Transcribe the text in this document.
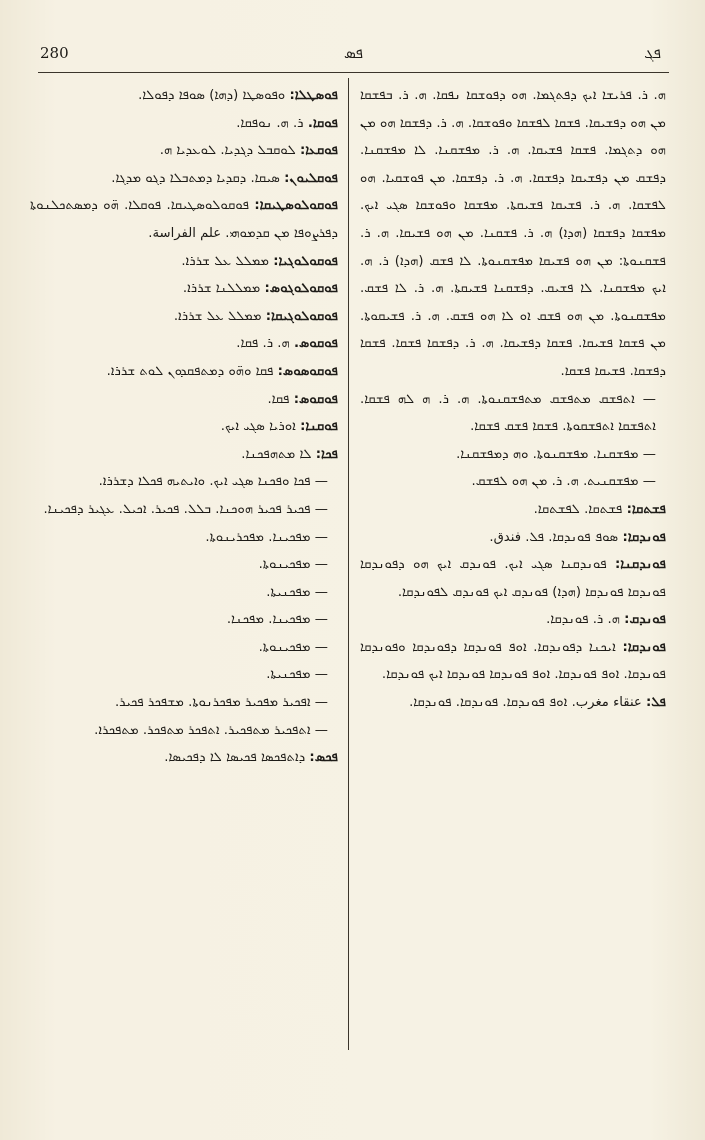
280	ܦܣ	ܦܓ

ܦܘܣܛܠܐ: ܘܦܘܣܛܐ (ܕܗܐ) ܣܘܦܐ ܕܦܘܠܐ.

ܦܘܩܐ. ܪ. ܗ. ܢܘܦܩܐ.

ܦܘܩܥܐ: ܠܘܩܒܠ ܕܓܕܝܐ. ܠܘܥܕܝܐ ܗ.

ܦܘܩܠܝܘܢ: ܣܝܩܐ. ܕܩܕܝܐ ܕܡܬܒܠܐ ܕܓܘ ܡܕܓܐ.

ܦܘܩܘܠܘܣܛܝܩܐ: ܦܘܩܘܠܘܣܛܝܩܐ. ܦܘܩܠܐ. ܗ̈ܘ ܕܡܣܬܟܠܢܘܬܐ ܕܦܪܨܘܦܐ ܡܢ ܩܕܡܘܗܝ. علم الفراسة.

ܦܘܩܘܠܘܓܝܐ: ܡܡܠܠ ܥܠ ܫܪܪܐ.

ܦܘܩܘܠܘܓܘܣ: ܡܡܠܠܢܐ ܫܪܪܐ.

ܦܘܩܘܠܘܓܝܩܐ: ܡܡܠܠ ܥܠ ܫܪܪܐ.

ܦܘܩܘܣ. ܗ. ܪ. ܦܩܐ.

ܦܘܩܘܣܘܣ: ܦܩܐ ܘܗ̈ܘ ܕܡܬܦܩܕܘܢ ܠܘܬ ܫܪܪܐ.

ܦܘܩܘܣ: ܦܩܐ.

ܦܘܩܢܐ: ܐܘܪܝܐ ܣܓܝ ܐܝܟ.

ܦܟܐ: ܠܐ ܡܬܗܦܟܢܐ.

— ܦܟܐ ܘܦܟܢܐ ܣܓܝ ܐܝܟ. ܘܐܝܬܝܗ ܦܟܠܐ ܕܫܪܪܐ.

— ܦܟܝܪ ܦܟܝܪ ܗܘܟܢܐ. ܒܠܠ. ܦܟܝܪ. ܐܟܝܠ. ܥܓܝܪ ܕܦܟܝܢܐ.

— ܡܦܟܝܢܐ. ܡܦܟܪܝܢܘܬܐ.

— ܡܦܟܝܢܘܬܐ.

— ܡܦܟܢܝܬܐ.

— ܡܦܟܝܢܐ. ܡܦܟܢܐ.

— ܡܦܟܝܢܘܬܐ.

— ܡܦܟܢܝܬܐ.

— ܐܦܟܝܪ ܡܦܟܝܪ ܡܦܟܪܢܘܬܐ. ܡܫܦܟܪ ܦܟܝܪ.

— ܐܬܦܟܝܪ ܡܬܦܟܝܪ. ܐܬܦܟܪ ܡܬܦܟܪ. ܡܬܦܟܪܐ.

ܦܟܣ: ܕܐܬܦܟܣܐ ܦܟܝܣܐ ܠܐ ܕܦܟܝܣܐ.

ܗ. ܪ. ܦܪܝܫܐ ܐܝܟ ܕܦܬܓܡܐ. ܗܘ ܕܦܘܫܩܐ ܢܦܩܐ. ܗ. ܪ. ܒܦܫܩܐ ܡܢ ܗܘ ܕܦܫܝܩܐ. ܦܫܩܐ ܠܦܫܩܐ ܘܦܘܫܩܐ. ܗ. ܪ. ܕܦܫܩܐ ܗܘ ܡܢ ܗܘ ܕܬܓܡܐ. ܦܫܩܐ ܦܫܝܩܐ. ܗ. ܪ. ܡܦܫܩܢܐ. ܠܐ ܡܦܫܩܢܐ. ܕܦܫܩ ܡܢ ܕܦܫܝܩܐ ܕܦܫܩܐ. ܗ. ܪ. ܕܦܫܩܐ. ܡܢ ܦܘܫܩܝܐ. ܗܘ ܠܦܫܩܐ. ܗ. ܪ. ܦܫܝܩܐ ܦܫܝܩܬܐ. ܡܦܫܩܐ ܘܦܘܫܩܐ ܣܓܝ ܐܝܟ. ܡܦܫܩܐ ܕܦܫܩܐ (ܗܕܐ) ܗ. ܪ. ܦܫܩܢܐ. ܡܢ ܗܘ ܦܫܝܩܐ. ܗ. ܪ. ܦܫܩܢܘܬܐ: ܡܢ ܗܘ ܦܫܝܩܐ ܡܦܫܩܢܘܬܐ. ܠܐ ܦܫܩ (ܗܕܐ) ܪ. ܗ. ܐܝܟ ܡܦܫܩܢܐ. ܠܐ ܦܫܝܩ. ܕܦܫܩܢܐ ܦܫܝܩܬܐ. ܗ. ܪ. ܠܐ ܦܫܩ. ܡܦܫܩܢܘܬܐ. ܡܢ ܗܘ ܦܫܩ ܐܘ ܠܐ ܗܘ ܦܫܩ. ܗ. ܪ. ܦܫܝܩܘܬܐ. ܡܢ ܦܫܩܐ ܦܫܝܩܐ. ܦܫܩܐ ܕܦܫܝܩܐ. ܗ. ܪ. ܕܦܫܩܐ ܦܫܩܐ. ܦܫܩܐ ܕܦܫܩܐ. ܦܫܝܩܐ ܦܫܩܐ.

— ܐܬܦܫܩ ܡܬܦܫܩ ܡܬܦܫܩܢܘܬܐ. ܗ. ܪ. ܗ ܠܗ ܦܫܩܐ. ܐܬܦܫܩܐ ܐܬܦܫܩܘܬܐ. ܦܫܩܐ ܦܫܩ ܦܫܩܐ.

— ܡܦܫܩܢܐ. ܡܦܫܩܢܘܬܐ. ܘܗ ܕܡܦܫܩܢܐ.

— ܡܦܫܩܢܝܬ. ܗ. ܪ. ܡܢ ܗܘ ܠܦܫܩ.

ܦܫܬܩܐ: ܦܫܬܩܐ. ܠܦܫܬܩܐ.

ܦܘܢܕܩܐ: ܣܘܦ ܦܘܢܕܩܐ. ܦܠ. فندق.

ܦܘܢܕܩܢܐ: ܦܘܢܕܩܢܐ ܣܓܝ ܐܝܟ. ܦܘܢܕܩ ܐܝܟ ܗܘ ܕܦܘܢܕܩܐ ܦܘܢܕܩܐ ܦܘܢܕܩܐ (ܗܕܐ) ܦܘܢܕܩ ܐܝܟ ܦܘܢܕܩ ܠܦܘܢܕܩܐ.

ܦܘܢܕܩ: ܗ. ܪ. ܦܘܢܕܩܐ.

ܦܘܢܕܩܐ: ܐܝܟܢܐ ܕܦܘܢܕܩܐ. ܐܘܦ ܦܘܢܕܩܐ ܕܦܘܢܕܩܐ ܘܦܘܢܕܩܐ ܦܘܢܕܩܐ. ܐܘܦ ܦܘܢܕܩܐ. ܐܘܦ ܦܘܢܕܩܐ ܦܘܢܕܩܐ ܐܝܟ ܦܘܢܕܩܐ.

ܦܠ: عنقاء مغرب. ܐܘܦ ܦܘܢܕܩܐ. ܦܘܢܕܩܐ. ܦܘܢܕܩܐ.
